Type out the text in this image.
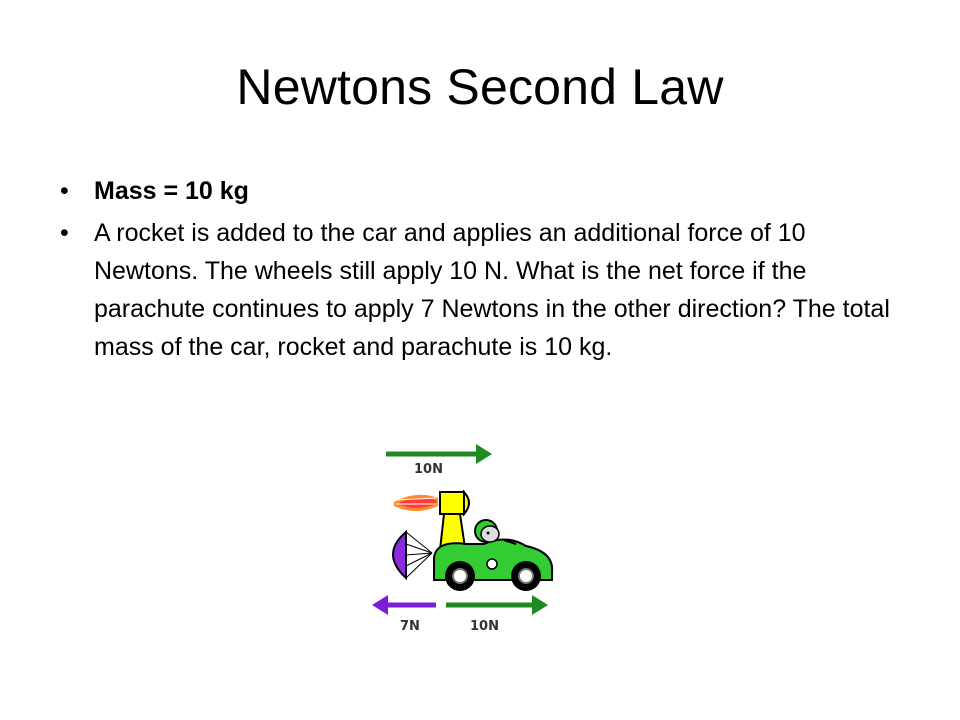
Newtons Second Law
• Mass = 10 kg
• A rocket is added to the car and applies an additional force of 10 Newtons. The wheels still apply 10 N. What is the net force if the parachute continues to apply 7 Newtons in the other direction? The total mass of the car, rocket and parachute is 10 kg.
10N
7N	10N
